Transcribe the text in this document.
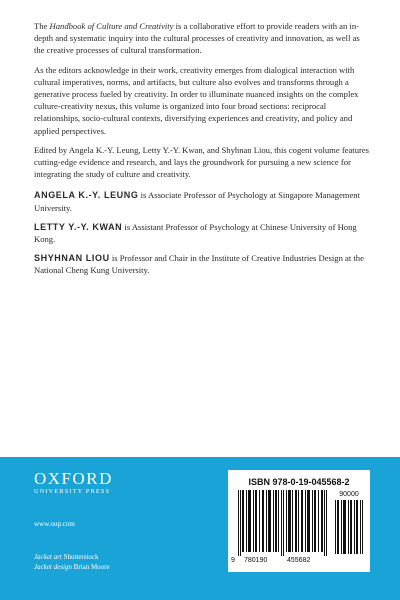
The Handbook of Culture and Creativity is a collaborative effort to provide readers with an in-depth and systematic inquiry into the cultural processes of creativity and innovation, as well as the creative processes of cultural transformation.

As the editors acknowledge in their work, creativity emerges from dialogical interaction with cultural imperatives, norms, and artifacts, but culture also evolves and transforms through a generative process fueled by creativity. In order to illuminate nuanced insights on the complex culture-creativity nexus, this volume is organized into four broad sections: reciprocal relationships, socio-cultural contexts, diversifying experiences and creativity, and policy and applied perspectives.

Edited by Angela K.-Y. Leung, Letty Y.-Y. Kwan, and Shyhnan Liou, this cogent volume features cutting-edge evidence and research, and lays the groundwork for pursuing a new science for integrating the study of culture and creativity.

ANGELA K.-Y. LEUNG is Associate Professor of Psychology at Singapore Management University.
LETTY Y.-Y. KWAN is Assistant Professor of Psychology at Chinese University of Hong Kong.
SHYHNAN LIOU is Professor and Chair in the Institute of Creative Industries Design at the National Cheng Kung University.
OXFORD
UNIVERSITY PRESS
www.oup.com
Jacket art Shutterstock
Jacket design Brian Moore
ISBN 978-0-19-045568-2
90000
9 780190	455682
